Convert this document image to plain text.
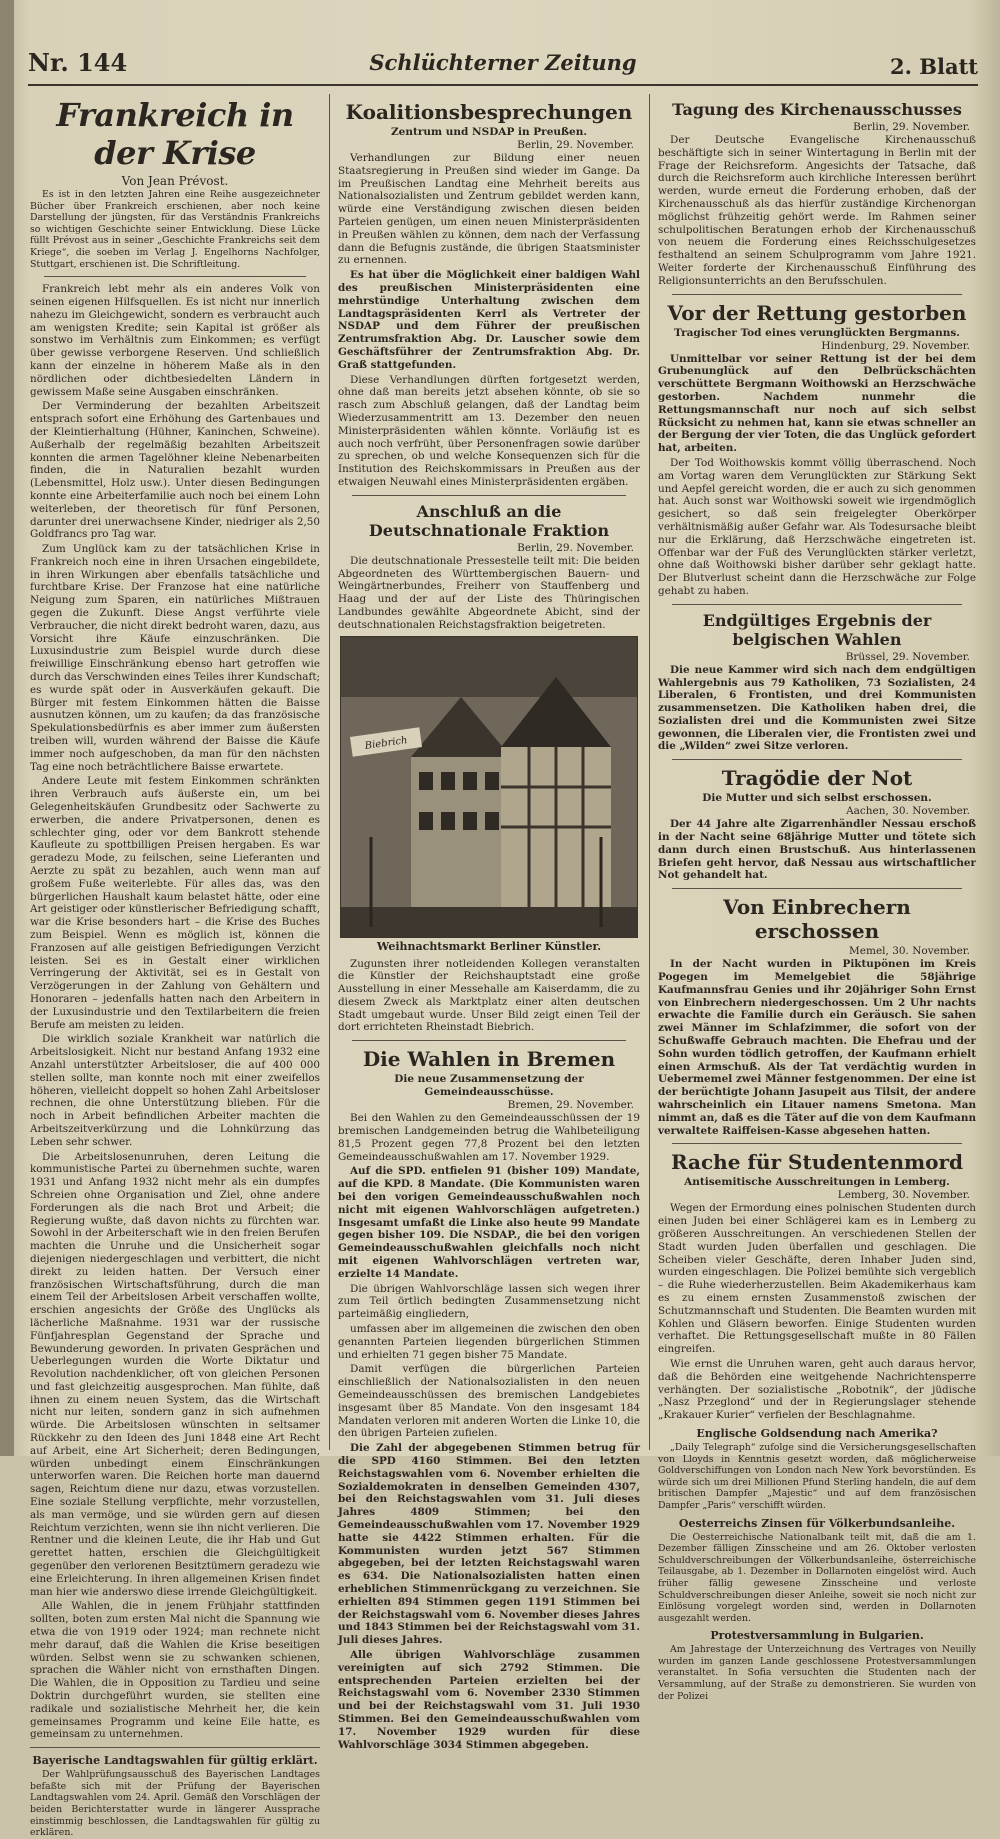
Nr. 144	Schlüchterner Zeitung	2. Blatt
Frankreich in der Krise
Von Jean Prévost.

Es ist in den letzten Jahren eine Reihe ausgezeichneter Bücher über Frankreich erschienen, aber noch keine Darstellung der jüngsten, für das Verständnis Frankreichs so wichtigen Geschichte seiner Entwicklung. Diese Lücke füllt Prévost aus in seiner „Geschichte Frankreichs seit dem Kriege“, die soeben im Verlag J. Engelhorns Nachfolger, Stuttgart, erschienen ist. Die Schriftleitung.

Frankreich lebt mehr als ein anderes Volk von seinen eigenen Hilfsquellen. Es ist nicht nur innerlich nahezu im Gleichgewicht, sondern es verbraucht auch am wenigsten Kredite; sein Kapital ist größer als sonstwo im Verhältnis zum Einkommen; es verfügt über gewisse verborgene Reserven. Und schließlich kann der einzelne in höherem Maße als in den nördlichen oder dichtbesiedelten Ländern in gewissem Maße seine Ausgaben einschränken.

Der Verminderung der bezahlten Arbeitszeit entsprach sofort eine Erhöhung des Gartenbaues und der Kleintierhaltung (Hühner, Kaninchen, Schweine). Außerhalb der regelmäßig bezahlten Arbeitszeit konnten die armen Tagelöhner kleine Nebenarbeiten finden, die in Naturalien bezahlt wurden (Lebensmittel, Holz usw.). Unter diesen Bedingungen konnte eine Arbeiterfamilie auch noch bei einem Lohn weiterleben, der theoretisch für fünf Personen, darunter drei unerwachsene Kinder, niedriger als 2,50 Goldfrancs pro Tag war.

Zum Unglück kam zu der tatsächlichen Krise in Frankreich noch eine in ihren Ursachen eingebildete, in ihren Wirkungen aber ebenfalls tatsächliche und furchtbare Krise. Der Franzose hat eine natürliche Neigung zum Sparen, ein natürliches Mißtrauen gegen die Zukunft. Diese Angst verführte viele Verbraucher, die nicht direkt bedroht waren, dazu, aus Vorsicht ihre Käufe einzuschränken. Die Luxusindustrie zum Beispiel wurde durch diese freiwillige Einschränkung ebenso hart getroffen wie durch das Verschwinden eines Teiles ihrer Kundschaft; es wurde spät oder in Ausverkäufen gekauft. Die Bürger mit festem Einkommen hätten die Baisse ausnutzen können, um zu kaufen; da das französische Spekulationsbedürfnis es aber immer zum äußersten treiben will, wurden während der Baisse die Käufe immer noch aufgeschoben, da man für den nächsten Tag eine noch beträchtlichere Baisse erwartete.

Andere Leute mit festem Einkommen schränkten ihren Verbrauch aufs äußerste ein, um bei Gelegenheitskäufen Grundbesitz oder Sachwerte zu erwerben, die andere Privatpersonen, denen es schlechter ging, oder vor dem Bankrott stehende Kaufleute zu spottbilligen Preisen hergaben. Es war geradezu Mode, zu feilschen, seine Lieferanten und Aerzte zu spät zu bezahlen, auch wenn man auf großem Fuße weiterlebte. Für alles das, was den bürgerlichen Haushalt kaum belastet hätte, oder eine Art geistiger oder künstlerischer Befriedigung schafft, war die Krise besonders hart – die Krise des Buches zum Beispiel. Wenn es möglich ist, können die Franzosen auf alle geistigen Befriedigungen Verzicht leisten. Sei es in Gestalt einer wirklichen Verringerung der Aktivität, sei es in Gestalt von Verzögerungen in der Zahlung von Gehältern und Honoraren – jedenfalls hatten nach den Arbeitern in der Luxusindustrie und den Textilarbeitern die freien Berufe am meisten zu leiden.

Die wirklich soziale Krankheit war natürlich die Arbeitslosigkeit. Nicht nur bestand Anfang 1932 eine Anzahl unterstützter Arbeitsloser, die auf 400 000 stellen sollte, man konnte noch mit einer zweifellos höheren, vielleicht doppelt so hohen Zahl Arbeitsloser rechnen, die ohne Unterstützung blieben. Für die noch in Arbeit befindlichen Arbeiter machten die Arbeitszeitverkürzung und die Lohnkürzung das Leben sehr schwer.

Die Arbeitslosenunruhen, deren Leitung die kommunistische Partei zu übernehmen suchte, waren 1931 und Anfang 1932 nicht mehr als ein dumpfes Schreien ohne Organisation und Ziel, ohne andere Forderungen als die nach Brot und Arbeit; die Regierung wußte, daß davon nichts zu fürchten war. Sowohl in der Arbeiterschaft wie in den freien Berufen machten die Unruhe und die Unsicherheit sogar diejenigen niedergeschlagen und verbittert, die nicht direkt zu leiden hatten. Der Versuch einer französischen Wirtschaftsführung, durch die man einem Teil der Arbeitslosen Arbeit verschaffen wollte, erschien angesichts der Größe des Unglücks als lächerliche Maßnahme. 1931 war der russische Fünfjahresplan Gegenstand der Sprache und Bewunderung geworden. In privaten Gesprächen und Ueberlegungen wurden die Worte Diktatur und Revolution nachdenklicher, oft von gleichen Personen und fast gleichzeitig ausgesprochen. Man fühlte, daß ihnen zu einem neuen System, das die Wirtschaft nicht nur leiten, sondern ganz in sich aufnehmen würde. Die Arbeitslosen wünschten in seltsamer Rückkehr zu den Ideen des Juni 1848 eine Art Recht auf Arbeit, eine Art Sicherheit; deren Bedingungen, würden unbedingt einem Einschränkungen unterworfen waren. Die Reichen horte man dauernd sagen, Reichtum diene nur dazu, etwas vorzustellen. Eine soziale Stellung verpflichte, mehr vorzustellen, als man vermöge, und sie würden gern auf diesen Reichtum verzichten, wenn sie ihn nicht verlieren. Die Rentner und die kleinen Leute, die ihr Hab und Gut gerettet hatten, erschien die Gleichgültigkeit gegenüber den verlorenen Besitztümern geradezu wie eine Erleichterung. In ihren allgemeinen Krisen findet man hier wie anderswo diese irrende Gleichgültigkeit.

Alle Wahlen, die in jenem Frühjahr stattfinden sollten, boten zum ersten Mal nicht die Spannung wie etwa die von 1919 oder 1924; man rechnete nicht mehr darauf, daß die Wahlen die Krise beseitigen würden. Selbst wenn sie zu schwanken schienen, sprachen die Wähler nicht von ernsthaften Dingen. Die Wahlen, die in Opposition zu Tardieu und seine Doktrin durchgeführt wurden, sie stellten eine radikale und sozialistische Mehrheit her, die kein gemeinsames Programm und keine Eile hatte, es gemeinsam zu unternehmen.

Bayerische Landtagswahlen für gültig erklärt.

Der Wahlprüfungsausschuß des Bayerischen Landtages befaßte sich mit der Prüfung der Bayerischen Landtagswahlen vom 24. April. Gemäß den Vorschlägen der beiden Berichterstatter wurde in längerer Aussprache einstimmig beschlossen, die Landtagswahlen für gültig zu erklären.

Koalitionsbesprechungen
Zentrum und NSDAP in Preußen.
Berlin, 29. November.

Verhandlungen zur Bildung einer neuen Staatsregierung in Preußen sind wieder im Gange. Da im Preußischen Landtag eine Mehrheit bereits aus Nationalsozialisten und Zentrum gebildet werden kann, würde eine Verständigung zwischen diesen beiden Parteien genügen, um einen neuen Ministerpräsidenten in Preußen wählen zu können, dem nach der Verfassung dann die Befugnis zustände, die übrigen Staatsminister zu ernennen.

Es hat über die Möglichkeit einer baldigen Wahl des preußischen Ministerpräsidenten eine mehrstündige Unterhaltung zwischen dem Landtagspräsidenten Kerrl als Vertreter der NSDAP und dem Führer der preußischen Zentrumsfraktion Abg. Dr. Lauscher sowie dem Geschäftsführer der Zentrumsfraktion Abg. Dr. Graß stattgefunden.

Diese Verhandlungen dürften fortgesetzt werden, ohne daß man bereits jetzt absehen könnte, ob sie so rasch zum Abschluß gelangen, daß der Landtag beim Wiederzusammentritt am 13. Dezember den neuen Ministerpräsidenten wählen könnte. Vorläufig ist es auch noch verfrüht, über Personenfragen sowie darüber zu sprechen, ob und welche Konsequenzen sich für die Institution des Reichskommissars in Preußen aus der etwaigen Neuwahl eines Ministerpräsidenten ergäben.

Anschluß an die Deutschnationale Fraktion
Berlin, 29. November.

Die deutschnationale Pressestelle teilt mit: Die beiden Abgeordneten des Württembergischen Bauern- und Weingärtnerbundes, Freiherr von Stauffenberg und Haag und der auf der Liste des Thüringischen Landbundes gewählte Abgeordnete Abicht, sind der deutschnationalen Reichstagsfraktion beigetreten.

Biebrich
Weihnachtsmarkt Berliner Künstler.

Zugunsten ihrer notleidenden Kollegen veranstalten die Künstler der Reichshauptstadt eine große Ausstellung in einer Messehalle am Kaiserdamm, die zu diesem Zweck als Marktplatz einer alten deutschen Stadt umgebaut wurde. Unser Bild zeigt einen Teil der dort errichteten Rheinstadt Biebrich.

Die Wahlen in Bremen
Die neue Zusammensetzung der Gemeindeausschüsse.
Bremen, 29. November.

Bei den Wahlen zu den Gemeindeausschüssen der 19 bremischen Landgemeinden betrug die Wahlbeteiligung 81,5 Prozent gegen 77,8 Prozent bei den letzten Gemeindeausschußwahlen am 17. November 1929.

Auf die SPD. entfielen 91 (bisher 109) Mandate, auf die KPD. 8 Mandate. (Die Kommunisten waren bei den vorigen Gemeindeausschußwahlen noch nicht mit eigenen Wahlvorschlägen aufgetreten.) Insgesamt umfaßt die Linke also heute 99 Mandate gegen bisher 109. Die NSDAP., die bei den vorigen Gemeindeausschußwahlen gleichfalls noch nicht mit eigenen Wahlvorschlägen vertreten war, erzielte 14 Mandate.

Die übrigen Wahlvorschläge lassen sich wegen ihrer zum Teil örtlich bedingten Zusammensetzung nicht parteimäßig eingliedern,

umfassen aber im allgemeinen die zwischen den oben genannten Parteien liegenden bürgerlichen Stimmen und erhielten 71 gegen bisher 75 Mandate.

Damit verfügen die bürgerlichen Parteien einschließlich der Nationalsozialisten in den neuen Gemeindeausschüssen des bremischen Landgebietes insgesamt über 85 Mandate. Von den insgesamt 184 Mandaten verloren mit anderen Worten die Linke 10, die den übrigen Parteien zufielen.

Die Zahl der abgegebenen Stimmen betrug für die SPD 4160 Stimmen. Bei den letzten Reichstagswahlen vom 6. November erhielten die Sozialdemokraten in denselben Gemeinden 4307, bei den Reichstagswahlen vom 31. Juli dieses Jahres 4809 Stimmen; bei den Gemeindeausschußwahlen vom 17. November 1929 hatte sie 4422 Stimmen erhalten. Für die Kommunisten wurden jetzt 567 Stimmen abgegeben, bei der letzten Reichstagswahl waren es 634. Die Nationalsozialisten hatten einen erheblichen Stimmenrückgang zu verzeichnen. Sie erhielten 894 Stimmen gegen 1191 Stimmen bei der Reichstagswahl vom 6. November dieses Jahres und 1843 Stimmen bei der Reichstagswahl vom 31. Juli dieses Jahres.

Alle übrigen Wahlvorschläge zusammen vereinigten auf sich 2792 Stimmen. Die entsprechenden Parteien erzielten bei der Reichstagswahl vom 6. November 2330 Stimmen und bei der Reichstagswahl vom 31. Juli 1930 Stimmen. Bei den Gemeindeausschußwahlen vom 17. November 1929 wurden für diese Wahlvorschläge 3034 Stimmen abgegeben.

Tagung des Kirchenausschusses
Berlin, 29. November.

Der Deutsche Evangelische Kirchenausschuß beschäftigte sich in seiner Wintertagung in Berlin mit der Frage der Reichsreform. Angesichts der Tatsache, daß durch die Reichsreform auch kirchliche Interessen berührt werden, wurde erneut die Forderung erhoben, daß der Kirchenausschuß als das hierfür zuständige Kirchenorgan möglichst frühzeitig gehört werde. Im Rahmen seiner schulpolitischen Beratungen erhob der Kirchenausschuß von neuem die Forderung eines Reichsschulgesetzes festhaltend an seinem Schulprogramm vom Jahre 1921. Weiter forderte der Kirchenausschuß Einführung des Religionsunterrichts an den Berufsschulen.

Vor der Rettung gestorben
Tragischer Tod eines verunglückten Bergmanns.
Hindenburg, 29. November.

Unmittelbar vor seiner Rettung ist der bei dem Grubenunglück auf den Delbrückschächten verschüttete Bergmann Woithowski an Herzschwäche gestorben. Nachdem nunmehr die Rettungsmannschaft nur noch auf sich selbst Rücksicht zu nehmen hat, kann sie etwas schneller an der Bergung der vier Toten, die das Unglück gefordert hat, arbeiten.

Der Tod Woithowskis kommt völlig überraschend. Noch am Vortag waren dem Verunglückten zur Stärkung Sekt und Aepfel gereicht worden, die er auch zu sich genommen hat. Auch sonst war Woithowski soweit wie irgendmöglich gesichert, so daß sein freigelegter Oberkörper verhältnismäßig außer Gefahr war. Als Todesursache bleibt nur die Erklärung, daß Herzschwäche eingetreten ist. Offenbar war der Fuß des Verunglückten stärker verletzt, ohne daß Woithowski bisher darüber sehr geklagt hatte. Der Blutverlust scheint dann die Herzschwäche zur Folge gehabt zu haben.

Endgültiges Ergebnis der belgischen Wahlen
Brüssel, 29. November.

Die neue Kammer wird sich nach dem endgültigen Wahlergebnis aus 79 Katholiken, 73 Sozialisten, 24 Liberalen, 6 Frontisten, und drei Kommunisten zusammensetzen. Die Katholiken haben drei, die Sozialisten drei und die Kommunisten zwei Sitze gewonnen, die Liberalen vier, die Frontisten zwei und die „Wilden“ zwei Sitze verloren.

Tragödie der Not
Die Mutter und sich selbst erschossen.
Aachen, 30. November.

Der 44 Jahre alte Zigarrenhändler Nessau erschoß in der Nacht seine 68jährige Mutter und tötete sich dann durch einen Brustschuß. Aus hinterlassenen Briefen geht hervor, daß Nessau aus wirtschaftlicher Not gehandelt hat.

Von Einbrechern erschossen
Memel, 30. November.

In der Nacht wurden in Piktupönen im Kreis Pogegen im Memelgebiet die 58jährige Kaufmannsfrau Genies und ihr 20jähriger Sohn Ernst von Einbrechern niedergeschossen. Um 2 Uhr nachts erwachte die Familie durch ein Geräusch. Sie sahen zwei Männer im Schlafzimmer, die sofort von der Schußwaffe Gebrauch machten. Die Ehefrau und der Sohn wurden tödlich getroffen, der Kaufmann erhielt einen Armschuß. Als der Tat verdächtig wurden in Uebermemel zwei Männer festgenommen. Der eine ist der berüchtigte Johann Jasupeit aus Tilsit, der andere wahrscheinlich ein Litauer namens Smetona. Man nimmt an, daß es die Täter auf die von dem Kaufmann verwaltete Raiffeisen-Kasse abgesehen hatten.

Rache für Studentenmord
Antisemitische Ausschreitungen in Lemberg.
Lemberg, 30. November.

Wegen der Ermordung eines polnischen Studenten durch einen Juden bei einer Schlägerei kam es in Lemberg zu größeren Ausschreitungen. An verschiedenen Stellen der Stadt wurden Juden überfallen und geschlagen. Die Scheiben vieler Geschäfte, deren Inhaber Juden sind, wurden eingeschlagen. Die Polizei bemühte sich vergeblich – die Ruhe wiederherzustellen. Beim Akademikerhaus kam es zu einem ernsten Zusammenstoß zwischen der Schutzmannschaft und Studenten. Die Beamten wurden mit Kohlen und Gläsern beworfen. Einige Studenten wurden verhaftet. Die Rettungsgesellschaft mußte in 80 Fällen eingreifen.

Wie ernst die Unruhen waren, geht auch daraus hervor, daß die Behörden eine weitgehende Nachrichtensperre verhängten. Der sozialistische „Robotnik“, der jüdische „Nasz Przeglond“ und der in Regierungslager stehende „Krakauer Kurier“ verfielen der Beschlagnahme.

Englische Goldsendung nach Amerika?

„Daily Telegraph“ zufolge sind die Versicherungsgesellschaften von Lloyds in Kenntnis gesetzt worden, daß möglicherweise Goldverschiffungen von London nach New York bevorstünden. Es würde sich um drei Millionen Pfund Sterling handeln, die auf dem britischen Dampfer „Majestic“ und auf dem französischen Dampfer „Paris“ verschifft würden.

Oesterreichs Zinsen für Völkerbundsanleihe.

Die Oesterreichische Nationalbank teilt mit, daß die am 1. Dezember fälligen Zinsscheine und am 26. Oktober verlosten Schuldverschreibungen der Völkerbundsanleihe, österreichische Teilausgabe, ab 1. Dezember in Dollarnoten eingelöst wird. Auch früher fällig gewesene Zinsscheine und verloste Schuldverschreibungen dieser Anleihe, soweit sie noch nicht zur Einlösung vorgelegt worden sind, werden in Dollarnoten ausgezahlt werden.

Protestversammlung in Bulgarien.

Am Jahrestage der Unterzeichnung des Vertrages von Neuilly wurden im ganzen Lande geschlossene Protestversammlungen veranstaltet. In Sofia versuchten die Studenten nach der Versammlung, auf der Straße zu demonstrieren. Sie wurden von der Polizei
